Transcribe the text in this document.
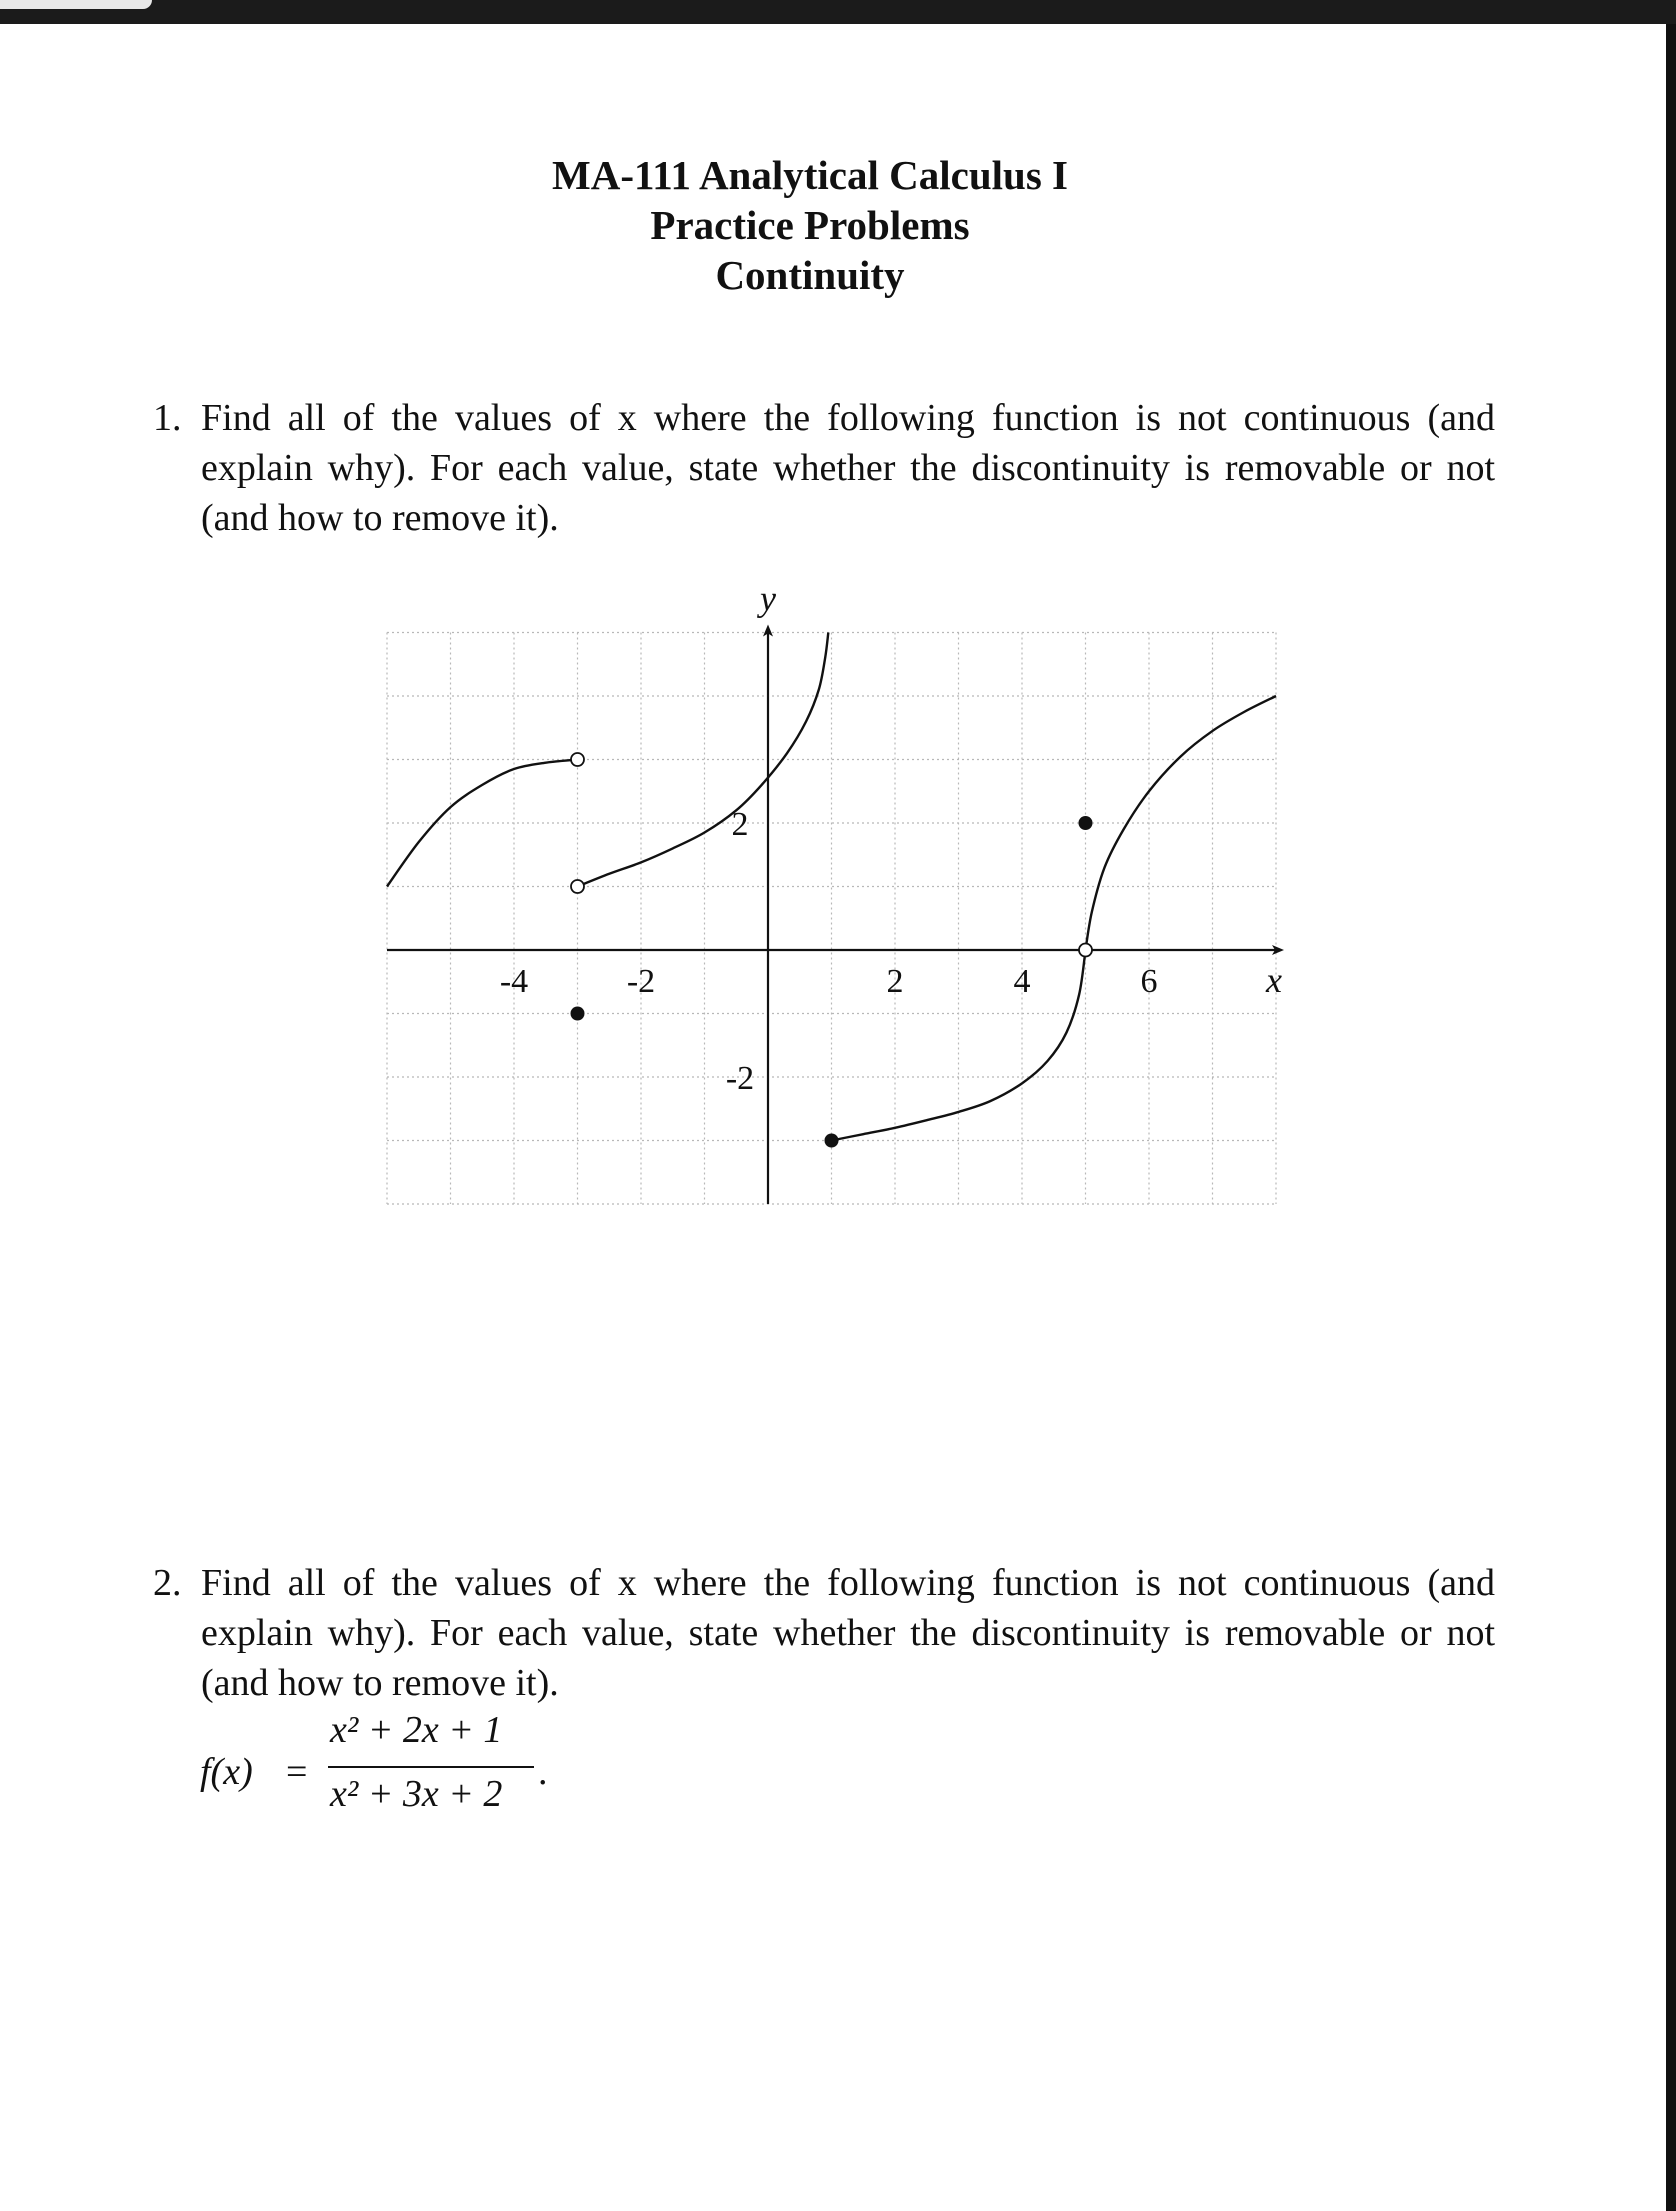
MA-111 Analytical Calculus I
Practice Problems
Continuity
1. Find all of the values of x where the following function is not continuous (and explain why). For each value, state whether the discontinuity is removable or not (and how to remove it).
-4	-2	2	4	6
2
-2
x
y
2. Find all of the values of x where the following function is not continuous (and explain why). For each value, state whether the discontinuity is removable or not (and how to remove it).
f(x) =
x² + 2x + 1
x² + 3x + 2
.
